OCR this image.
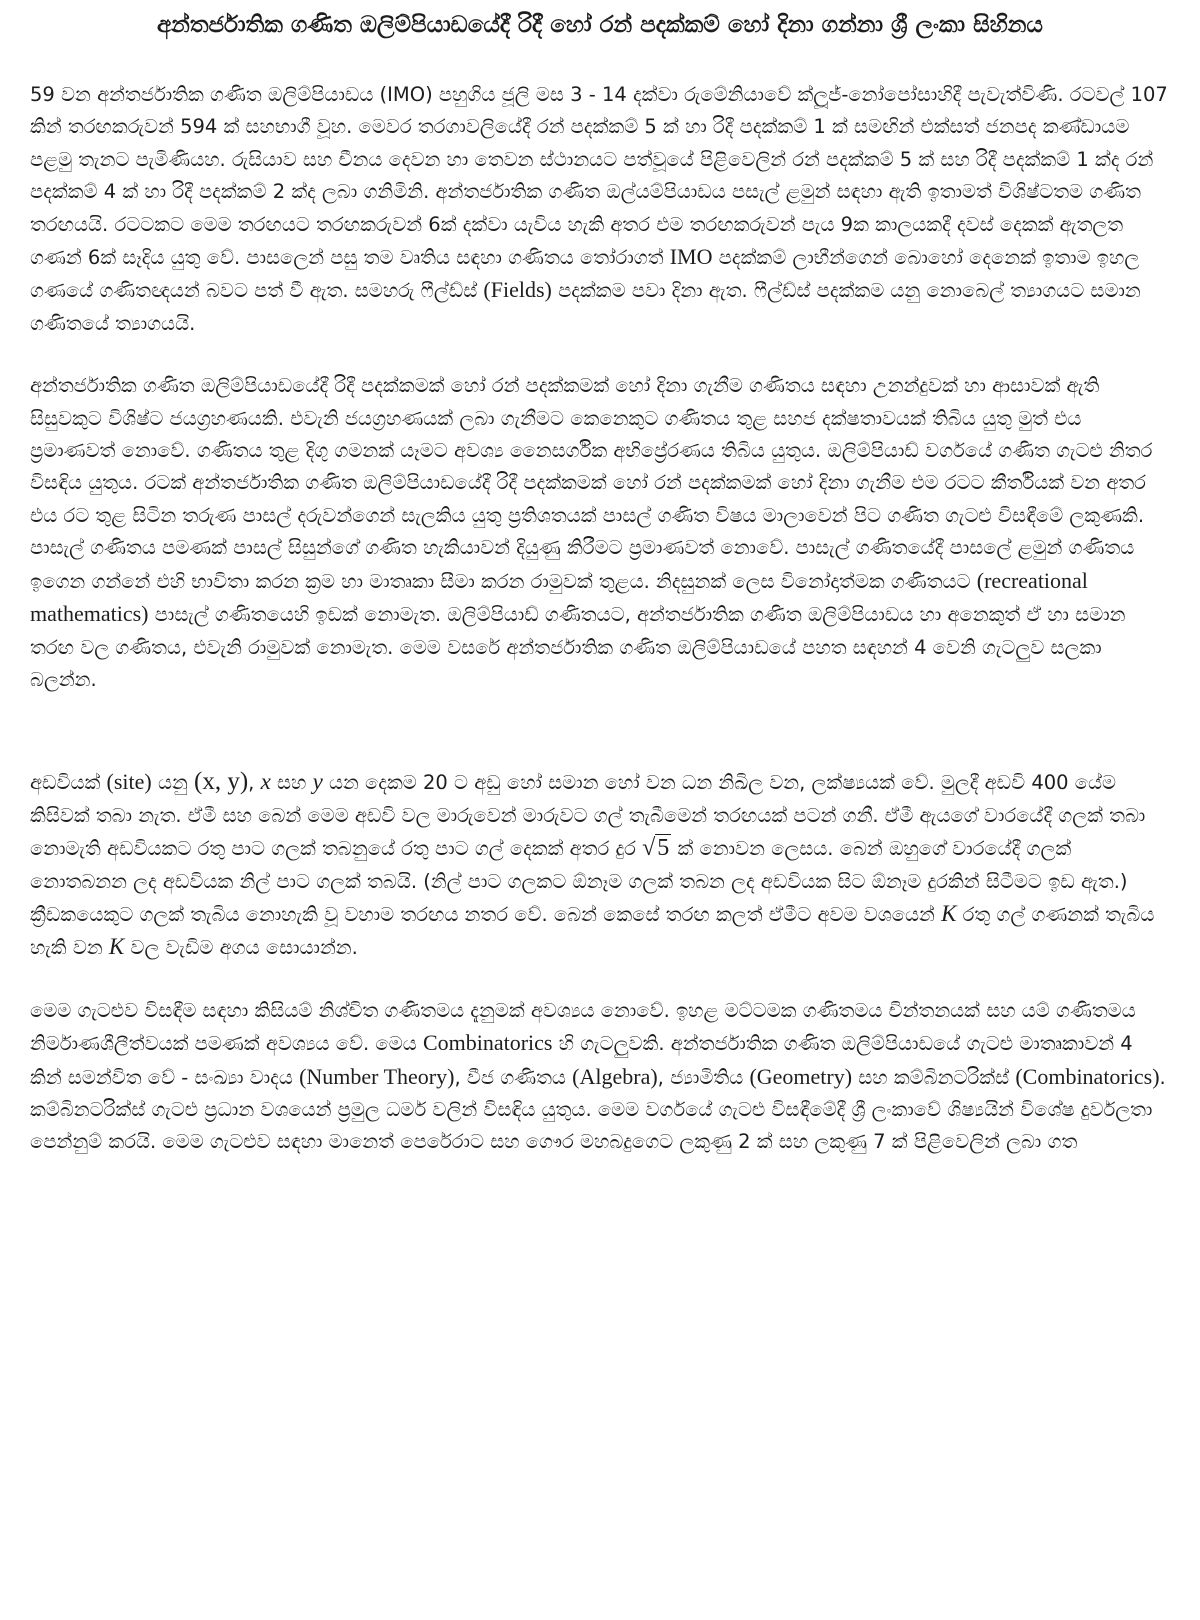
අන්තර්ජාතික ගණිත ඔලිම්පියාඩයේදී රිදී හෝ රන් පදක්කම් හෝ දිනා ගන්නා ශ්‍රී ලංකා සිහිනය

59 වන අන්තර්ජාතික ගණිත ඔලිම්පියාඩය (IMO) පහුගිය ජූලි මස 3 - 14 දක්වා රුමේනියාවේ ක්ලූජ්-නෝපෝසාහිදී පැවැත්විණි. රටවල් 107 කින් තරඟකරුවන් 594 ක් සහභාගී වූහ. මෙවර තරගාවලියේදී රන් පදක්කම් 5 ක් හා රිදී පදක්කම් 1 ක් සමඟින් එක්සත් ජනපද කණ්ඩායම පළමු තැනට පැමිණියහ. රුසියාව සහ චීනය දෙවන හා තෙවන ස්ථානයට පත්වූයේ පිළිවෙලින් රන් පදක්කම් 5 ක් සහ රිදී පදක්කම් 1 ක්ද රන් පදක්කම් 4 ක් හා රිදී පදක්කම් 2 ක්ද ලබා ගනිමිනි. අන්තර්ජාතික ගණිත ඔල්යම්පියාඩය පසැල් ළමුන් සඳහා ඇති ඉතාමත් විශිෂ්ටතම ගණිත තරඟයයි. රටටකට මෙම තරඟයට තරඟකරුවන් 6ක් දක්වා යැවිය හැකි අතර එම තරඟකරුවන් පැය 9ක කාලයකදී දවස් දෙකක් ඇතලත ගණන් 6ක් සෑදිය යුතු වේ. පාසලෙන් පසු තම වෘතිය සඳහා ගණිතය තෝරාගත් IMO පදක්කම් ලාභීන්ගෙන් බොහෝ දෙනෙක් ඉතාම ඉහල ගණයේ ගණිතඥයන් බවට පත් වී ඇත. සමහරු ෆීල්ඩ්ස් (Fields) පදක්කම පවා දිනා ඇත. ෆීල්ඩ්ස් පදක්කම යනු නොබෙල් ත්‍යාගයට සමාන ගණිතයේ ත්‍යාගයයි.

අන්තර්ජාතික ගණිත ඔලිම්පියාඩයේදී රිදී පදක්කමක් හෝ රන් පදක්කමක් හෝ දිනා ගැනීම ගණිතය සඳහා උනන්දුවක් හා ආසාවක් ඇති සිසුවකුට විශිෂ්ට ජයග්‍රහණයකි. එවැනි ජයග්‍රහණයක් ලබා ගැනීමට කෙනෙකුට ගණිතය තුළ සහජ දක්ෂතාවයක් තිබිය යුතු මුත් එය ප්‍රමාණවත් නොවේ. ගණිතය තුළ දිගු ගමනක් යෑමට අවශ්‍ය නෛසර්ගික අභිප්‍රේරණය තිබිය යුතුය. ඔලිම්පියාඩ් වර්ගයේ ගණිත ගැටළු නිතර විසඳිය යුතුය. රටක් අන්තර්ජාතික ගණිත ඔලිම්පියාඩයේදී රිදී පදක්කමක් හෝ රන් පදක්කමක් හෝ දිනා ගැනීම එම රටට කීර්තියක් වන අතර එය රට තුළ සිටින තරුණ පාසල් දරුවන්ගෙන් සැලකිය යුතු ප්‍රතිශතයක් පාසල් ගණිත විෂය මාලාවෙන් පිට ගණිත ගැටළු විසඳීමේ ලකුණකි. පාසැල් ගණිතය පමණක් පාසල් සිසුන්ගේ ගණිත හැකියාවන් දියුණු කිරීමට ප්‍රමාණවත් නොවේ. පාසැල් ගණිතයේදී පාසලේ ළමුන් ගණිතය ඉගෙන ගන්නේ එහි භාවිතා කරන ක්‍රම හා මාතෘකා සීමා කරන රාමුවක් තුළය. නිදසුනක් ලෙස විනෝදාත්මක ගණිතයට (recreational mathematics) පාසැල් ගණිතයෙහි ඉඩක් නොමැත. ඔලිම්පියාඩ් ගණිතයට, අන්තර්ජාතික ගණිත ඔලිම්පියාඩය හා අනෙකුත් ඒ හා සමාන තරඟ වල ගණිතය, එවැනි රාමුවක් නොමැත. මෙම වසරේ අන්තර්ජාතික ගණිත ඔලිම්පියාඩයේ පහත සඳහන් 4 වෙනි ගැටලුව සලකා බලන්න.

අඩවියක් (site) යනු (x, y), x සහ y යන දෙකම 20 ට අඩු හෝ සමාන හෝ වන ධන නිඛිල වන, ලක්ෂ්‍යයක් වේ. මුලදී අඩවි 400 යේම කිසිවක් තබා නැත. ඒමී සහ බෙන් මෙම අඩවි වල මාරුවෙන් මාරුවට ගල් තැබීමෙන් තරඟයක් පටන් ගනී. ඒමී ඇයගේ වාරයේදී ගලක් තබා නොමැති අඩවියකට රතු පාට ගලක් තබනුයේ රතු පාට ගල් දෙකක් අතර දුර √5 ක් නොවන ලෙසය. බෙන් ඔහුගේ වාරයේදී ගලක් නොතබනන ලද අඩවියක නිල් පාට ගලක් තබයි. (නිල් පාට ගලකට ඕනෑම ගලක් තබන ලද අඩවියක සිට ඕනෑම දුරකින් සිටීමට ඉඩ ඇත.) ක්‍රීඩකයෙකුට ගලක් තැබිය නොහැකි වූ වහාම තරඟය නතර වේ. බෙන් කෙසේ තරඟ කලත් ඒමීට අවම වශයෙන් K රතු ගල් ගණනක් තැබිය හැකි වන K වල වැඩිම අගය සොයාන්න.

මෙම ගැටළුව විසඳීම සඳහා කිසියම් නිශ්චිත ගණිතමය දැනුමක් අවශ්‍යය නොවේ. ඉහළ මට්ටමක ගණිතමය චින්තනයක් සහ යම් ගණිතමය නිර්මාණශීලීත්වයක් පමණක් අවශ්‍යය වේ. මෙය Combinatorics හි ගැටලුවකි. අන්තර්ජාතික ගණිත ඔලිම්පියාඩයේ ගැටළු මාතෘකාවන් 4 කින් සමන්විත වේ - සංඛ්‍යා වාදය (Number Theory), වීජ ගණිතය (Algebra), ජ්‍යාමිතිය (Geometry) සහ කම්බිනටරික්ස් (Combinatorics). කම්බිනටරික්ස් ගැටළු ප්‍රධාන වශයෙන් ප්‍රමුල ධර්ම වලින් විසඳිය යුතුය. මෙම වර්ගයේ ගැටළු විසඳීමේදී ශ්‍රී ලංකාවේ ශිෂ්‍යයින් විශේෂ දුර්වලතා පෙන්නුම් කරයි. මෙම ගැටළුව සඳහා මානෙත් පෙරේරාට සහ ගෞර මහබදුගෙට ලකුණු 2 ක් සහ ලකුණු 7 ක් පිළිවෙලින් ලබා ගත
